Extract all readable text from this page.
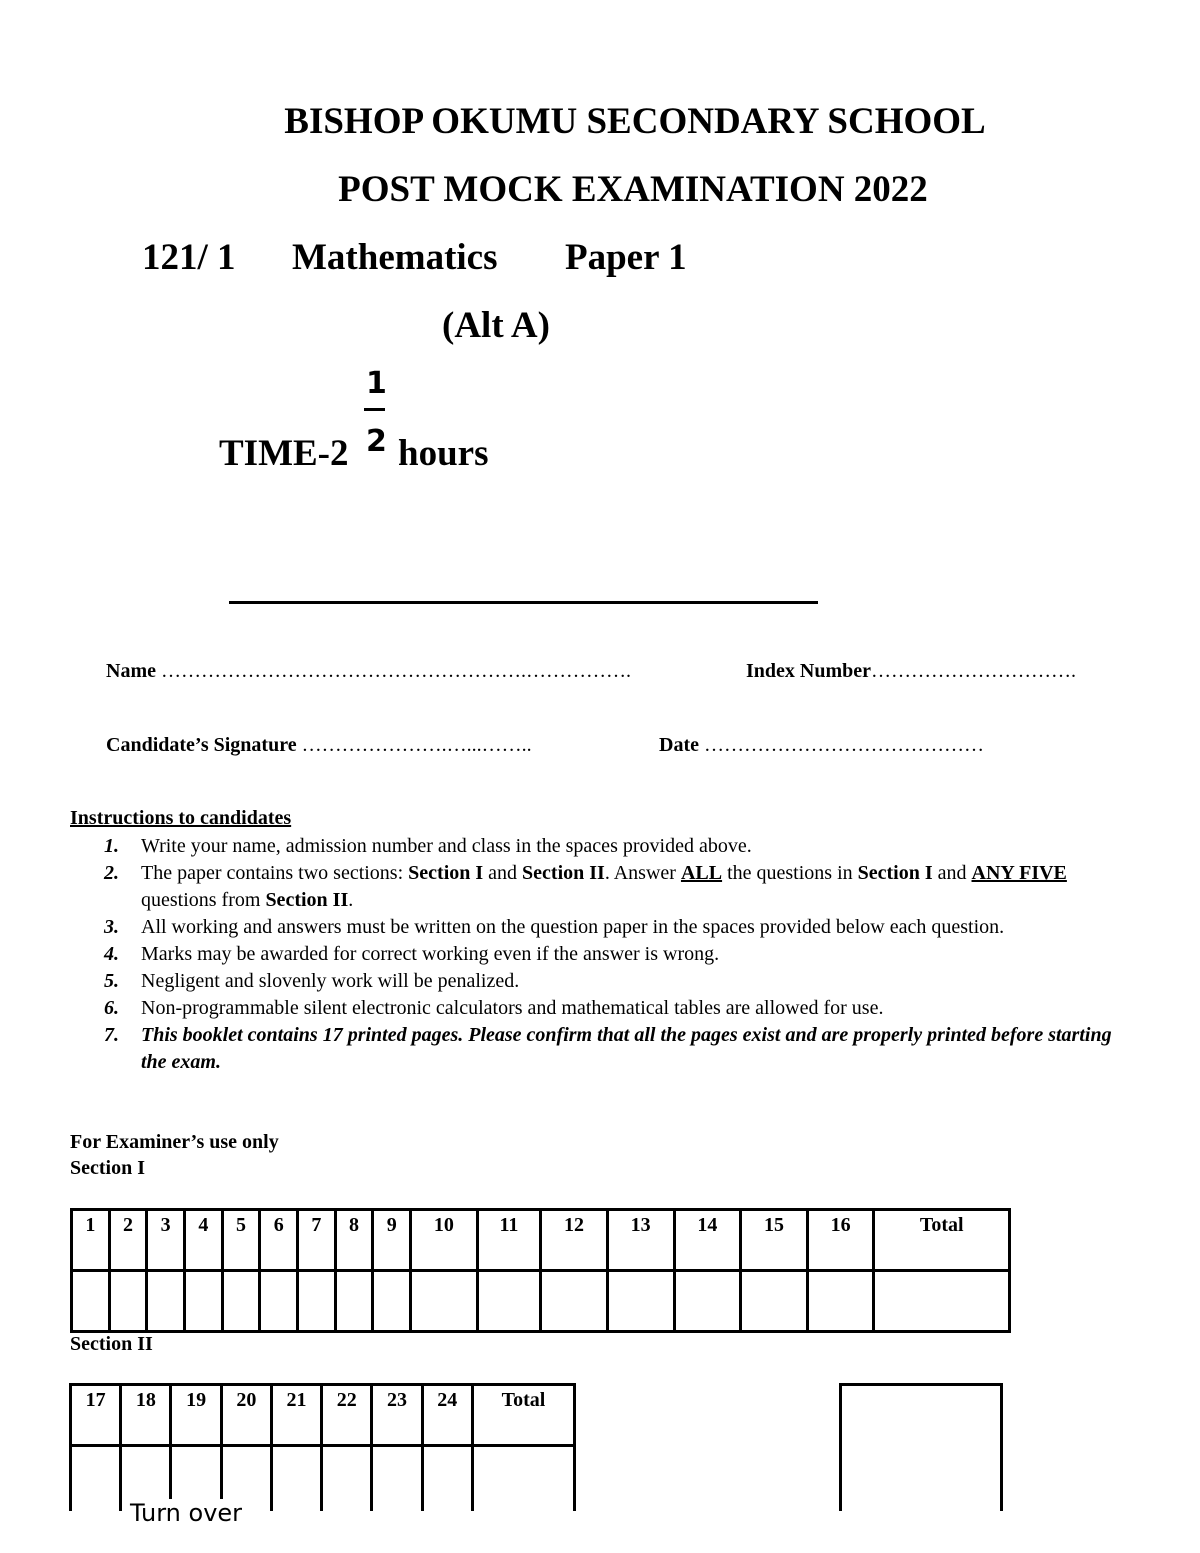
BISHOP OKUMU SECONDARY SCHOOL
POST MOCK EXAMINATION 2022
121/ 1 Mathematics Paper 1
(Alt A)
TIME-2
1
2 hours
Name ……………………………………………….…………….	Index Number………………………….
Candidate’s Signature ………………….…...……..	Date ……………………………………
Instructions to candidates
1. Write your name, admission number and class in the spaces provided above.
2. The paper contains two sections: Section I and Section II. Answer ALL the questions in Section I and ANY FIVE questions from Section II.
3. All working and answers must be written on the question paper in the spaces provided below each question.
4. Marks may be awarded for correct working even if the answer is wrong.
5. Negligent and slovenly work will be penalized.
6. Non-programmable silent electronic calculators and mathematical tables are allowed for use.
7. This booklet contains 17 printed pages. Please confirm that all the pages exist and are properly printed before starting the exam.
For Examiner’s use only
Section I
1	2	3	4	5	6	7	8	9	10	11	12	13	14	15	16	Total

Section II
17	18	19	20	21	22	23	24	Total

Turn over
